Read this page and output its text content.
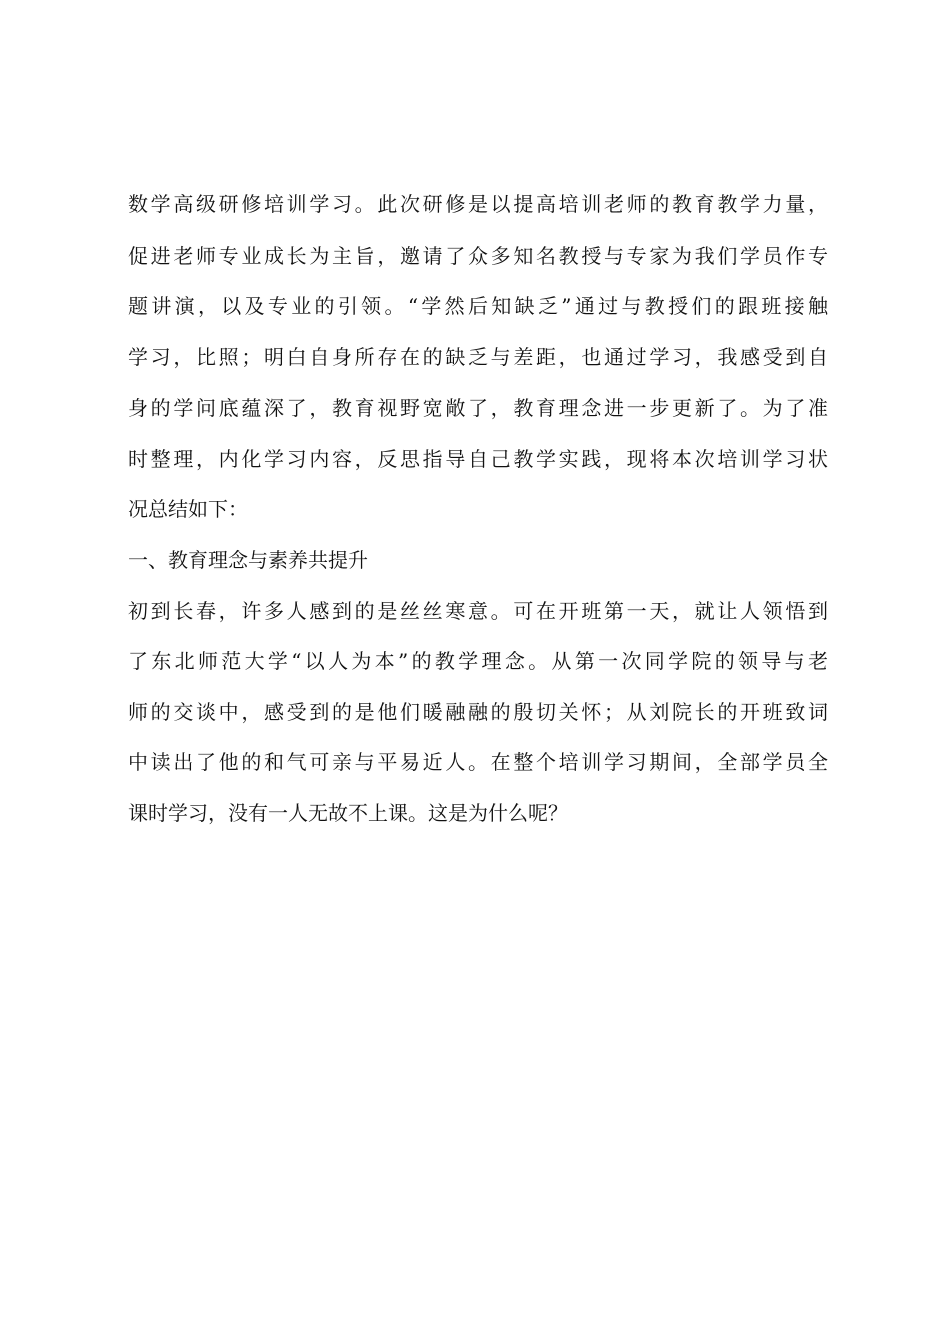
数学高级研修培训学习。此次研修是以提高培训老师的教育教学力量，
促进老师专业成长为主旨，邀请了众多知名教授与专家为我们学员作专
题讲演，以及专业的引领。“学然后知缺乏”通过与教授们的跟班接触
学习，比照；明白自身所存在的缺乏与差距，也通过学习，我感受到自
身的学问底蕴深了，教育视野宽敞了，教育理念进一步更新了。为了准
时整理，内化学习内容，反思指导自己教学实践，现将本次培训学习状
况总结如下：
一、教育理念与素养共提升
初到长春，许多人感到的是丝丝寒意。可在开班第一天，就让人领悟到
了东北师范大学“以人为本”的教学理念。从第一次同学院的领导与老
师的交谈中，感受到的是他们暖融融的殷切关怀；从刘院长的开班致词
中读出了他的和气可亲与平易近人。在整个培训学习期间，全部学员全
课时学习，没有一人无故不上课。这是为什么呢？
